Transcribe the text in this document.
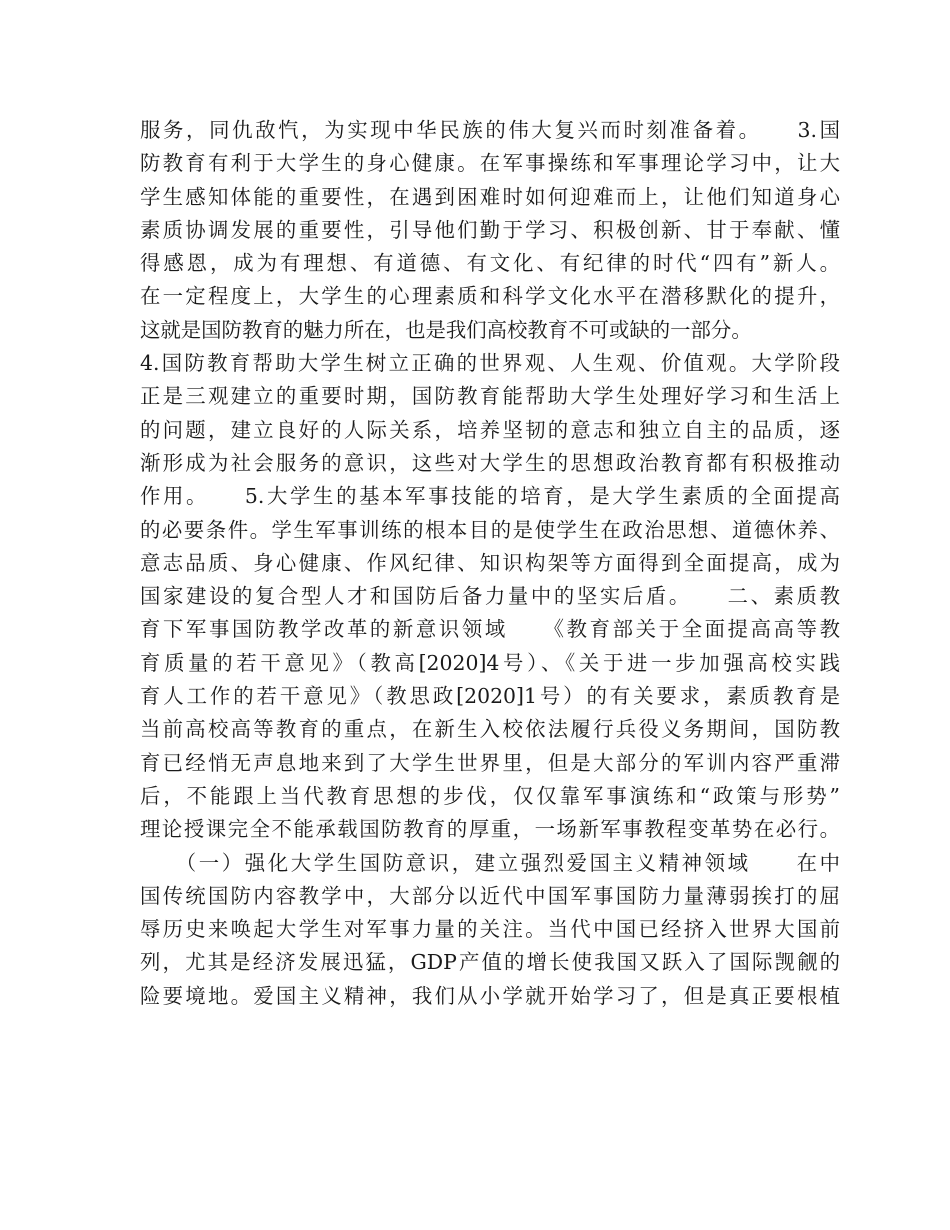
服务，同仇敌忾，为实现中华民族的伟大复兴而时刻准备着。　　3.国
防教育有利于大学生的身心健康。在军事操练和军事理论学习中，让大
学生感知体能的重要性，在遇到困难时如何迎难而上，让他们知道身心
素质协调发展的重要性，引导他们勤于学习、积极创新、甘于奉献、懂
得感恩，成为有理想、有道德、有文化、有纪律的时代“四有”新人。
在一定程度上，大学生的心理素质和科学文化水平在潜移默化的提升，
这就是国防教育的魅力所在，也是我们高校教育不可或缺的一部分。
4.国防教育帮助大学生树立正确的世界观、人生观、价值观。大学阶段
正是三观建立的重要时期，国防教育能帮助大学生处理好学习和生活上
的问题，建立良好的人际关系，培养坚韧的意志和独立自主的品质，逐
渐形成为社会服务的意识，这些对大学生的思想政治教育都有积极推动
作用。　　5.大学生的基本军事技能的培育，是大学生素质的全面提高
的必要条件。学生军事训练的根本目的是使学生在政治思想、道德休养、
意志品质、身心健康、作风纪律、知识构架等方面得到全面提高，成为
国家建设的复合型人才和国防后备力量中的坚实后盾。　　二、素质教
育下军事国防教学改革的新意识领域　　《教育部关于全面提高高等教
育质量的若干意见》（教高[2020]4号）、《关于进一步加强高校实践
育人工作的若干意见》（教思政[2020]1号）的有关要求，素质教育是
当前高校高等教育的重点，在新生入校依法履行兵役义务期间，国防教
育已经悄无声息地来到了大学生世界里，但是大部分的军训内容严重滞
后，不能跟上当代教育思想的步伐，仅仅靠军事演练和“政策与形势”
理论授课完全不能承载国防教育的厚重，一场新军事教程变革势在必行。
　　（一）强化大学生国防意识，建立强烈爱国主义精神领域　　在中
国传统国防内容教学中，大部分以近代中国军事国防力量薄弱挨打的屈
辱历史来唤起大学生对军事力量的关注。当代中国已经挤入世界大国前
列，尤其是经济发展迅猛，GDP产值的增长使我国又跃入了国际觊觎的
险要境地。爱国主义精神，我们从小学就开始学习了，但是真正要根植
